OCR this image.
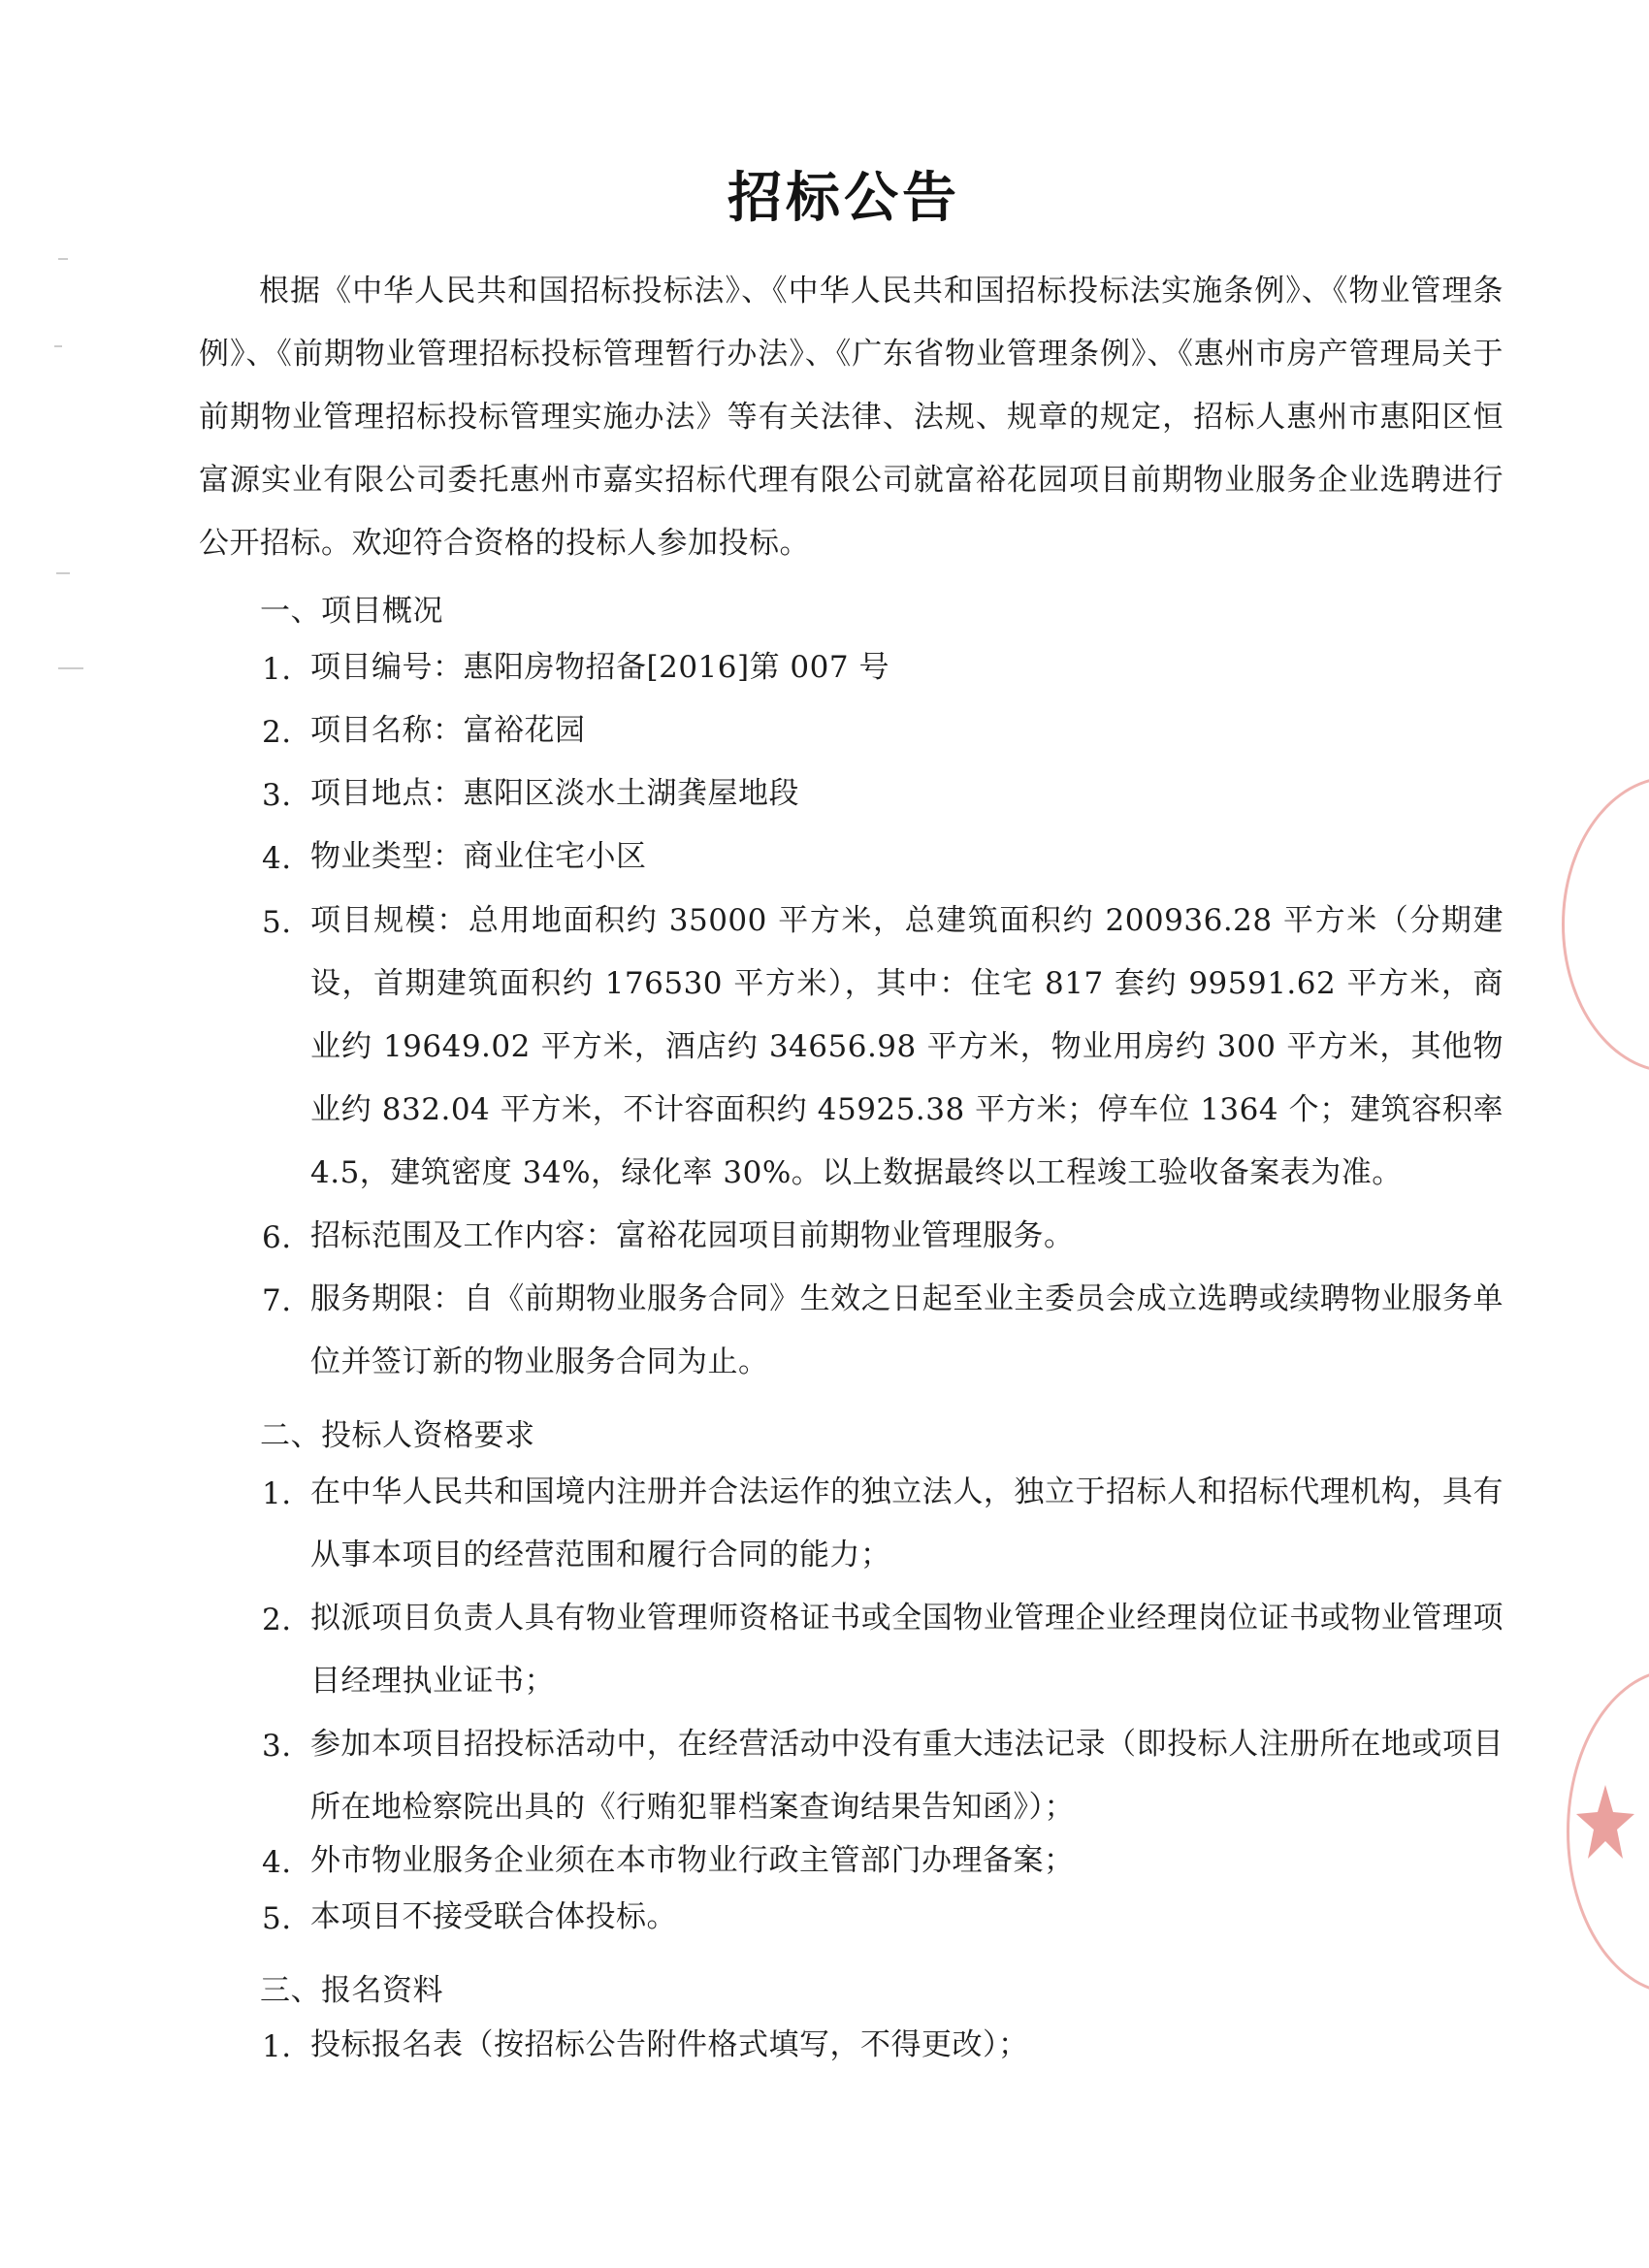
招标公告
根据《中华人民共和国招标投标法》、《中华人民共和国招标投标法实施条例》、《物业管理条例》、《前期物业管理招标投标管理暂行办法》、《广东省物业管理条例》、《惠州市房产管理局关于前期物业管理招标投标管理实施办法》等有关法律、法规、规章的规定，招标人惠州市惠阳区恒富源实业有限公司委托惠州市嘉实招标代理有限公司就富裕花园项目前期物业服务企业选聘进行公开招标。欢迎符合资格的投标人参加投标。
一、项目概况
1. 项目编号：惠阳房物招备[2016]第 007 号
2. 项目名称：富裕花园
3. 项目地点：惠阳区淡水土湖龚屋地段
4. 物业类型：商业住宅小区
5. 项目规模：总用地面积约 35000 平方米，总建筑面积约 200936.28 平方米（分期建设，首期建筑面积约 176530 平方米），其中：住宅 817 套约 99591.62 平方米，商业约 19649.02 平方米，酒店约 34656.98 平方米，物业用房约 300 平方米，其他物业约 832.04 平方米，不计容面积约 45925.38 平方米；停车位 1364 个；建筑容积率 4.5，建筑密度 34%，绿化率 30%。以上数据最终以工程竣工验收备案表为准。
6. 招标范围及工作内容：富裕花园项目前期物业管理服务。
7. 服务期限：自《前期物业服务合同》生效之日起至业主委员会成立选聘或续聘物业服务单位并签订新的物业服务合同为止。
二、投标人资格要求
1. 在中华人民共和国境内注册并合法运作的独立法人，独立于招标人和招标代理机构，具有从事本项目的经营范围和履行合同的能力；
2. 拟派项目负责人具有物业管理师资格证书或全国物业管理企业经理岗位证书或物业管理项目经理执业证书；
3. 参加本项目招投标活动中，在经营活动中没有重大违法记录（即投标人注册所在地或项目所在地检察院出具的《行贿犯罪档案查询结果告知函》）；
4. 外市物业服务企业须在本市物业行政主管部门办理备案；
5. 本项目不接受联合体投标。
三、报名资料
1. 投标报名表（按招标公告附件格式填写，不得更改）；
